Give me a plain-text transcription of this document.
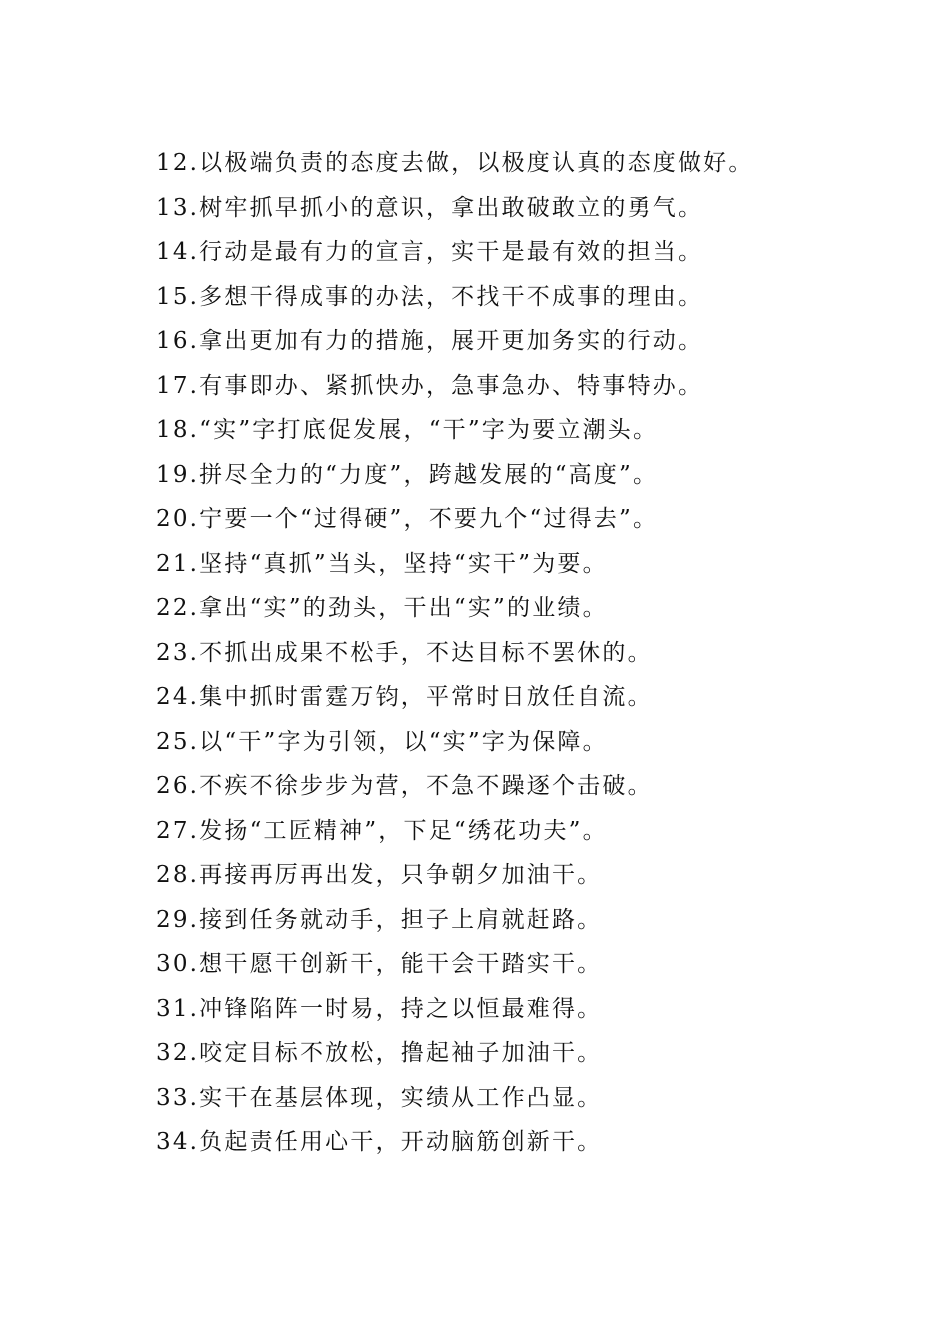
12.以极端负责的态度去做，以极度认真的态度做好。
13.树牢抓早抓小的意识，拿出敢破敢立的勇气。
14.行动是最有力的宣言，实干是最有效的担当。
15.多想干得成事的办法，不找干不成事的理由。
16.拿出更加有力的措施，展开更加务实的行动。
17.有事即办、紧抓快办，急事急办、特事特办。
18.“实”字打底促发展，“干”字为要立潮头。
19.拼尽全力的“力度”，跨越发展的“高度”。
20.宁要一个“过得硬”，不要九个“过得去”。
21.坚持“真抓”当头，坚持“实干”为要。
22.拿出“实”的劲头，干出“实”的业绩。
23.不抓出成果不松手，不达目标不罢休的。
24.集中抓时雷霆万钧，平常时日放任自流。
25.以“干”字为引领，以“实”字为保障。
26.不疾不徐步步为营，不急不躁逐个击破。
27.发扬“工匠精神”，下足“绣花功夫”。
28.再接再厉再出发，只争朝夕加油干。
29.接到任务就动手，担子上肩就赶路。
30.想干愿干创新干，能干会干踏实干。
31.冲锋陷阵一时易，持之以恒最难得。
32.咬定目标不放松，撸起袖子加油干。
33.实干在基层体现，实绩从工作凸显。
34.负起责任用心干，开动脑筋创新干。
